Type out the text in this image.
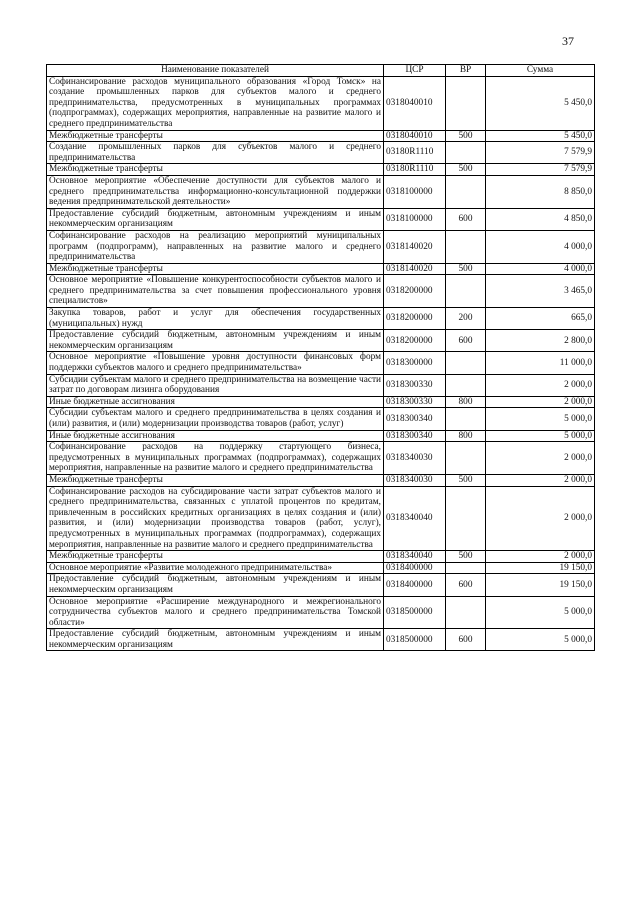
37
Наименование показателей	ЦСР	ВР	Сумма
Софинансирование расходов муниципального образования «Город Томск» на создание промышленных парков для субъектов малого и среднего предпринимательства, предусмотренных в муниципальных программах (подпрограммах), содержащих мероприятия, направленные на развитие малого и среднего предпринимательства	0318040010		5 450,0
Межбюджетные трансферты	0318040010	500	5 450,0
Создание промышленных парков для субъектов малого и среднего предпринимательства	03180R1110		7 579,9
Межбюджетные трансферты	03180R1110	500	7 579,9
Основное мероприятие «Обеспечение доступности для субъектов малого и среднего предпринимательства информационно-консультационной поддержки ведения предпринимательской деятельности»	0318100000		8 850,0
Предоставление субсидий бюджетным, автономным учреждениям и иным некоммерческим организациям	0318100000	600	4 850,0
Софинансирование расходов на реализацию мероприятий муниципальных программ (подпрограмм), направленных на развитие малого и среднего предпринимательства	0318140020		4 000,0
Межбюджетные трансферты	0318140020	500	4 000,0
Основное мероприятие «Повышение конкурентоспособности субъектов малого и среднего предпринимательства за счет повышения профессионального уровня специалистов»	0318200000		3 465,0
Закупка товаров, работ и услуг для обеспечения государственных (муниципальных) нужд	0318200000	200	665,0
Предоставление субсидий бюджетным, автономным учреждениям и иным некоммерческим организациям	0318200000	600	2 800,0
Основное мероприятие «Повышение уровня доступности финансовых форм поддержки субъектов малого и среднего предпринимательства»	0318300000		11 000,0
Субсидии субъектам малого и среднего предпринимательства на возмещение части затрат по договорам лизинга оборудования	0318300330		2 000,0
Иные бюджетные ассигнования	0318300330	800	2 000,0
Субсидии субъектам малого и среднего предпринимательства в целях создания и (или) развития, и (или) модернизации производства товаров (работ, услуг)	0318300340		5 000,0
Иные бюджетные ассигнования	0318300340	800	5 000,0
Софинансирование расходов на поддержку стартующего бизнеса, предусмотренных в муниципальных программах (подпрограммах), содержащих мероприятия, направленные на развитие малого и среднего предпринимательства	0318340030		2 000,0
Межбюджетные трансферты	0318340030	500	2 000,0
Софинансирование расходов на субсидирование части затрат субъектов малого и среднего предпринимательства, связанных с уплатой процентов по кредитам, привлеченным в российских кредитных организациях в целях создания и (или) развития, и (или) модернизации производства товаров (работ, услуг), предусмотренных в муниципальных программах (подпрограммах), содержащих мероприятия, направленные на развитие малого и среднего предпринимательства	0318340040		2 000,0
Межбюджетные трансферты	0318340040	500	2 000,0
Основное мероприятие «Развитие молодежного предпринимательства»	0318400000		19 150,0
Предоставление субсидий бюджетным, автономным учреждениям и иным некоммерческим организациям	0318400000	600	19 150,0
Основное мероприятие «Расширение международного и межрегионального сотрудничества субъектов малого и среднего предпринимательства Томской области»	0318500000		5 000,0
Предоставление субсидий бюджетным, автономным учреждениям и иным некоммерческим организациям	0318500000	600	5 000,0
